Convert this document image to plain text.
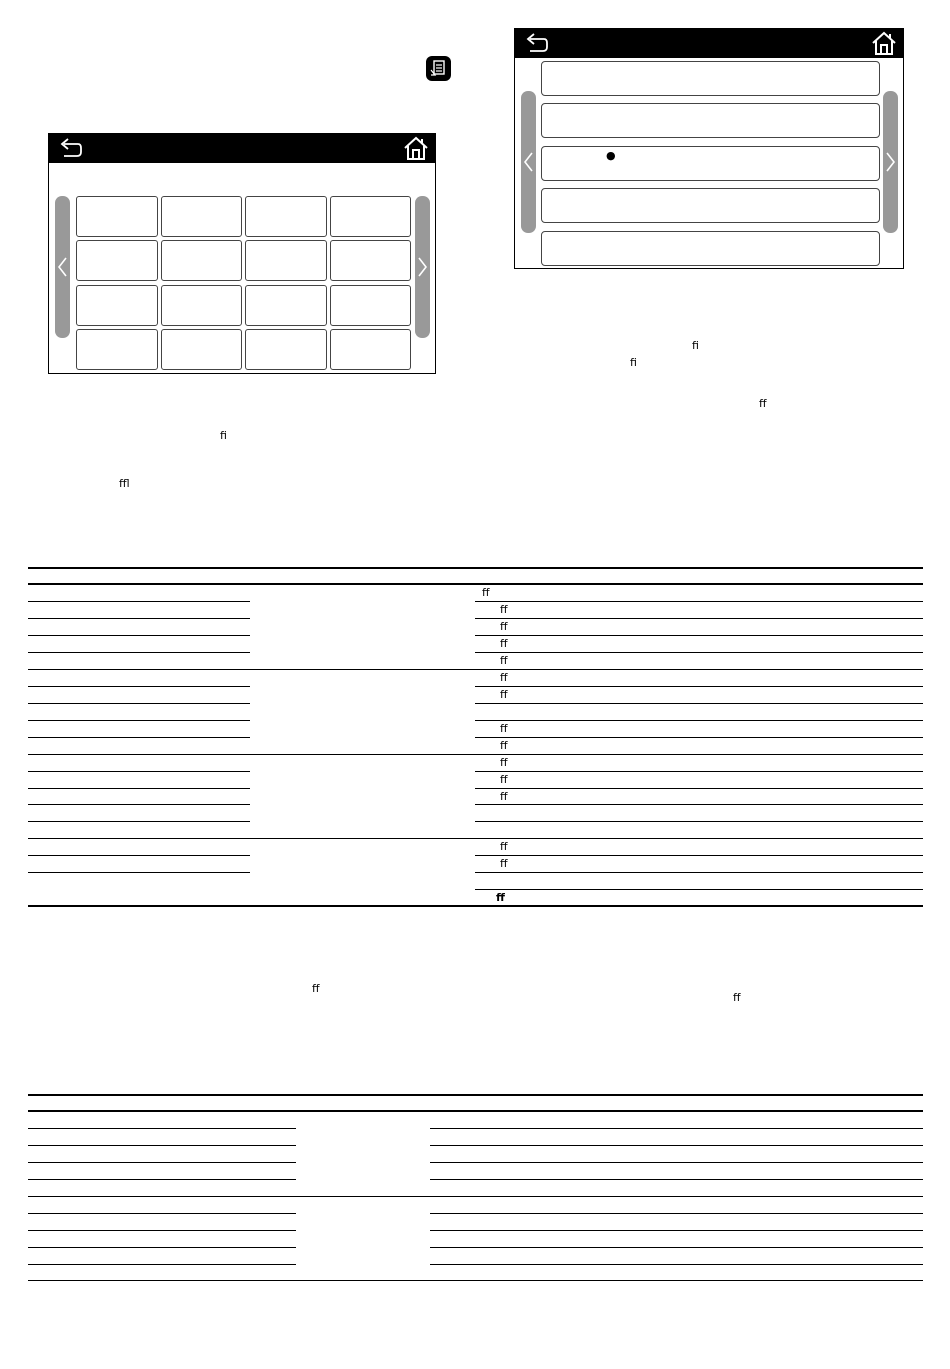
●
ﬁ
ﬁ
ﬀ
ﬁ
ﬄ
ﬀ
ﬀ
ﬀ
ﬀ
ﬀ
ﬀ
ﬀ
ﬀ
ﬀ
ﬀ
ﬀ
ﬀ
ﬀ
ﬀ
ﬀ
ﬀ
ﬀ
